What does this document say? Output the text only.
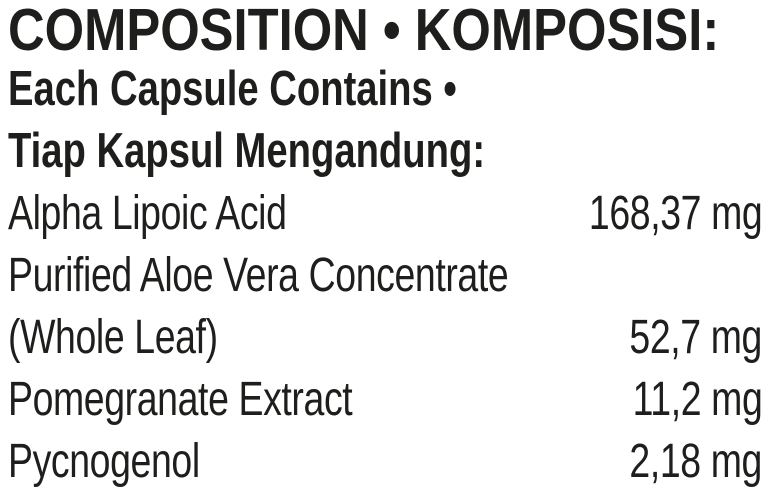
COMPOSITION • KOMPOSISI:
Each Capsule Contains •
Tiap Kapsul Mengandung:
Alpha Lipoic Acid	168,37 mg
Purified Aloe Vera Concentrate
(Whole Leaf)	52,7 mg
Pomegranate Extract	11,2 mg
Pycnogenol	2,18 mg
